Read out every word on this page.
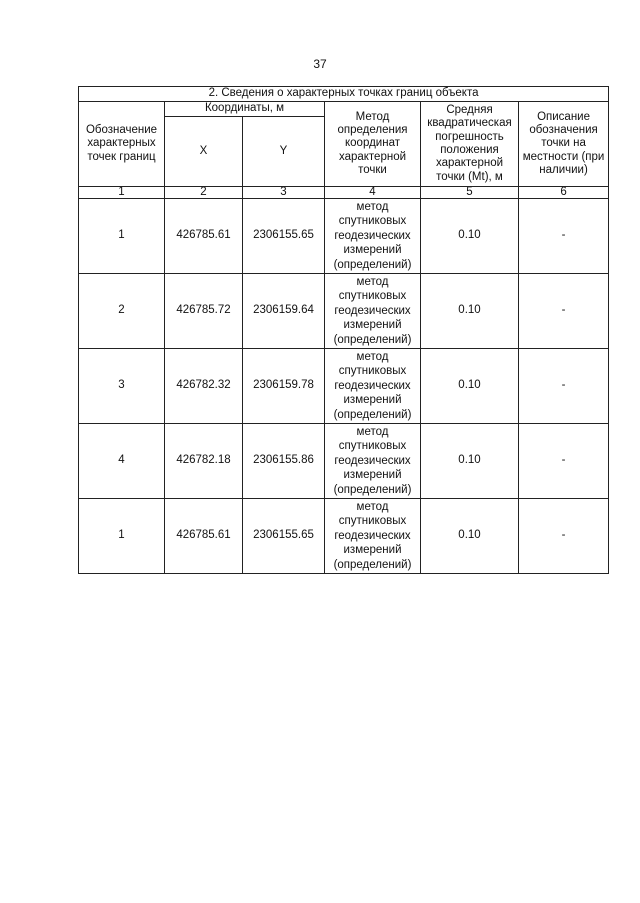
37
2. Сведения о характерных точках границ объекта					
Обозначение характерных точек границ	Координаты, м		Метод определения координат характерной точки	Средняя квадратическая погрешность положения характерной точки (Mt), м	Описание обозначения точки на местности (при наличии)
	X	Y			
1	2	3	4	5	6
1	426785.61	2306155.65	метод спутниковых геодезических измерений (определений)	0.10	-
2	426785.72	2306159.64	метод спутниковых геодезических измерений (определений)	0.10	-
3	426782.32	2306159.78	метод спутниковых геодезических измерений (определений)	0.10	-
4	426782.18	2306155.86	метод спутниковых геодезических измерений (определений)	0.10	-
1	426785.61	2306155.65	метод спутниковых геодезических измерений (определений)	0.10	-
